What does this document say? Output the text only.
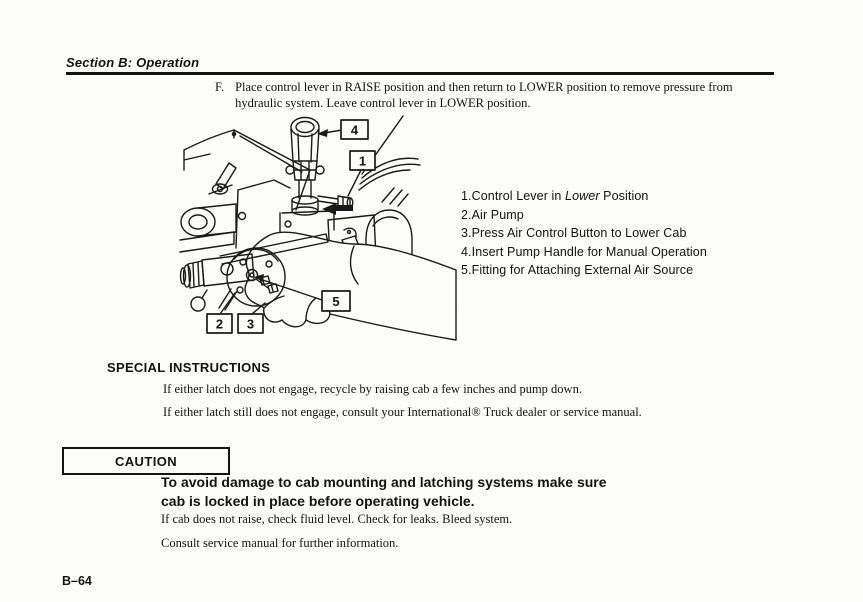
Section B: Operation
F. Place control lever in RAISE position and then return to LOWER position to remove pressure from hydraulic system. Leave control lever in LOWER position.
4
1
5
2 3
1.Control Lever in Lower Position
2.Air Pump
3.Press Air Control Button to Lower Cab
4.Insert Pump Handle for Manual Operation
5.Fitting for Attaching External Air Source
SPECIAL INSTRUCTIONS
If either latch does not engage, recycle by raising cab a few inches and pump down.
If either latch still does not engage, consult your International® Truck dealer or service manual.
CAUTION
To avoid damage to cab mounting and latching systems make sure cab is locked in place before operating vehicle.
If cab does not raise, check fluid level. Check for leaks. Bleed system.
Consult service manual for further information.
B–64
